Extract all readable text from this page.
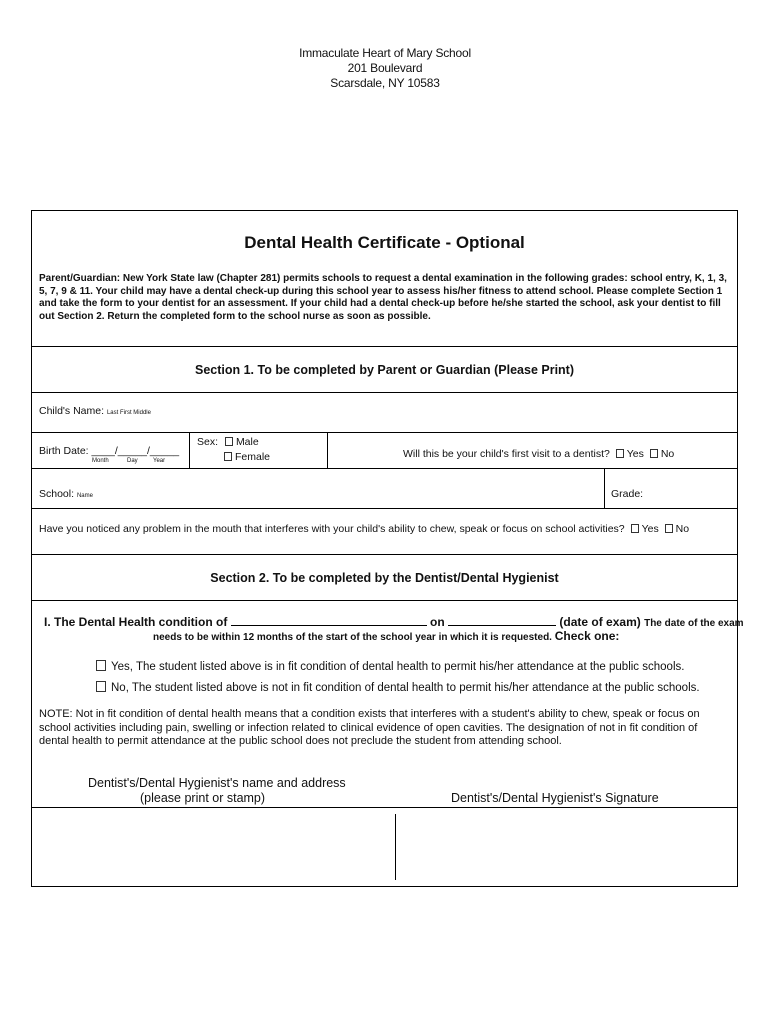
Immaculate Heart of Mary School
201 Boulevard
Scarsdale, NY 10583
Dental Health Certificate - Optional
Parent/Guardian: New York State law (Chapter 281) permits schools to request a dental examination in the following grades: school entry, K, 1, 3, 5, 7, 9 & 11. Your child may have a dental check-up during this school year to assess his/her fitness to attend school. Please complete Section 1 and take the form to your dentist for an assessment. If your child had a dental check-up before he/she started the school, ask your dentist to fill out Section 2. Return the completed form to the school nurse as soon as possible.
Section 1. To be completed by Parent or Guardian (Please Print)
Child's Name: Last First Middle
Birth Date: ____/_____/_____
Month	Day	Year
Sex: Male
Female	Will this be your child's first visit to a dentist? Yes No
School: Name	Grade:
Have you noticed any problem in the mouth that interferes with your child's ability to chew, speak or focus on school activities? Yes No
Section 2. To be completed by the Dentist/Dental Hygienist
I. The Dental Health condition of	on	(date of exam) The date of the exam
needs to be within 12 months of the start of the school year in which it is requested. Check one:
Yes, The student listed above is in fit condition of dental health to permit his/her attendance at the public schools.
No, The student listed above is not in fit condition of dental health to permit his/her attendance at the public schools.
NOTE: Not in fit condition of dental health means that a condition exists that interferes with a student's ability to chew, speak or focus on school activities including pain, swelling or infection related to clinical evidence of open cavities. The designation of not in fit condition of dental health to permit attendance at the public school does not preclude the student from attending school.
Dentist's/Dental Hygienist's name and address
(please print or stamp)	Dentist's/Dental Hygienist's Signature
